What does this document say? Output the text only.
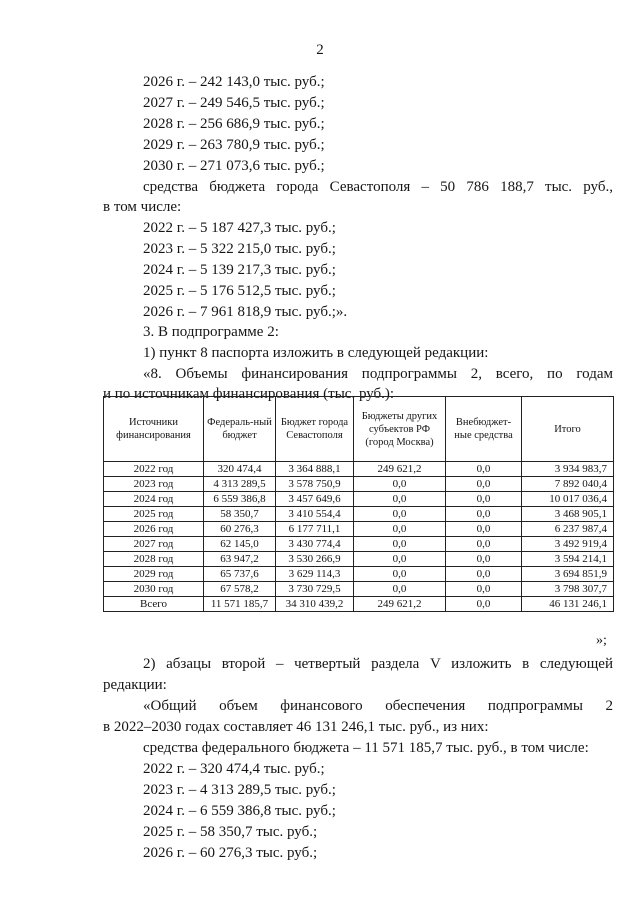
2
2026 г. – 242 143,0 тыс. руб.;
2027 г. – 249 546,5 тыс. руб.;
2028 г. – 256 686,9 тыс. руб.;
2029 г. – 263 780,9 тыс. руб.;
2030 г. – 271 073,6 тыс. руб.;
средства бюджета города Севастополя – 50 786 188,7 тыс. руб.,
в том числе:
2022 г. – 5 187 427,3 тыс. руб.;
2023 г. – 5 322 215,0 тыс. руб.;
2024 г. – 5 139 217,3 тыс. руб.;
2025 г. – 5 176 512,5 тыс. руб.;
2026 г. – 7 961 818,9 тыс. руб.;».
3. В подпрограмме 2:
1) пункт 8 паспорта изложить в следующей редакции:
«8. Объемы финансирования подпрограммы 2, всего, по годам
и по источникам финансирования (тыс. руб.):
Источники финансирования	Федераль-ный бюджет	Бюджет города Севастополя	Бюджеты других субъектов РФ (город Москва)	Внебюджет-ные средства	Итого
2022 год	320 474,4	3 364 888,1	249 621,2	0,0	3 934 983,7
2023 год	4 313 289,5	3 578 750,9	0,0	0,0	7 892 040,4
2024 год	6 559 386,8	3 457 649,6	0,0	0,0	10 017 036,4
2025 год	58 350,7	3 410 554,4	0,0	0,0	3 468 905,1
2026 год	60 276,3	6 177 711,1	0,0	0,0	6 237 987,4
2027 год	62 145,0	3 430 774,4	0,0	0,0	3 492 919,4
2028 год	63 947,2	3 530 266,9	0,0	0,0	3 594 214,1
2029 год	65 737,6	3 629 114,3	0,0	0,0	3 694 851,9
2030 год	67 578,2	3 730 729,5	0,0	0,0	3 798 307,7
Всего	11 571 185,7	34 310 439,2	249 621,2	0,0	46 131 246,1
»;
2) абзацы второй – четвертый раздела V изложить в следующей
редакции:
«Общий объем финансового обеспечения подпрограммы 2
в 2022–2030 годах составляет 46 131 246,1 тыс. руб., из них:
средства федерального бюджета – 11 571 185,7 тыс. руб., в том числе:
2022 г. – 320 474,4 тыс. руб.;
2023 г. – 4 313 289,5 тыс. руб.;
2024 г. – 6 559 386,8 тыс. руб.;
2025 г. – 58 350,7 тыс. руб.;
2026 г. – 60 276,3 тыс. руб.;
